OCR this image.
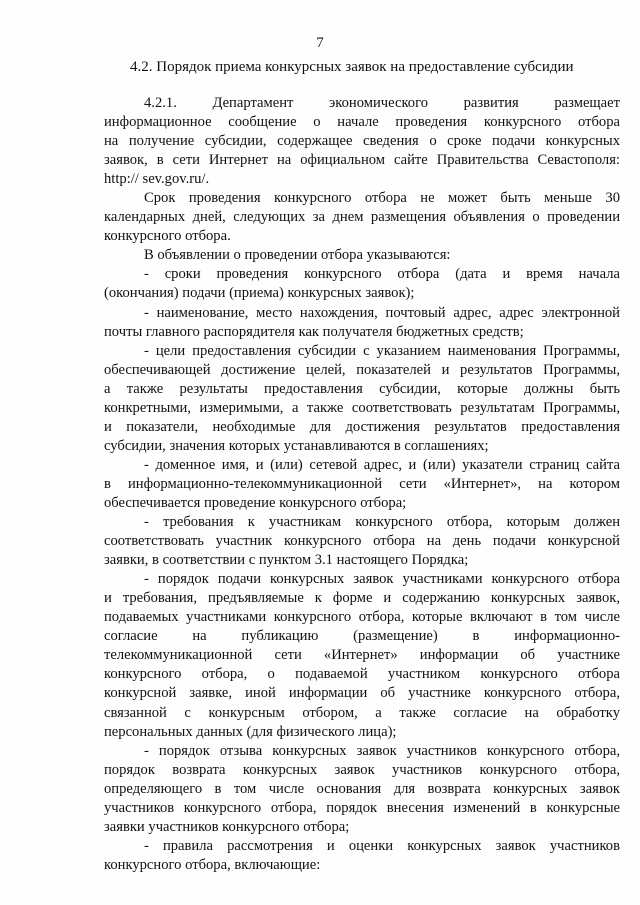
7
4.2. Порядок приема конкурсных заявок на предоставление субсидии
4.2.1. Департамент экономического развития размещает
информационное сообщение о начале проведения конкурсного отбора
на получение субсидии, содержащее сведения о сроке подачи конкурсных
заявок, в сети Интернет на официальном сайте Правительства Севастополя:
http:// sev.gov.ru/.
Срок проведения конкурсного отбора не может быть меньше 30
календарных дней, следующих за днем размещения объявления о проведении
конкурсного отбора.
В объявлении о проведении отбора указываются:
- сроки проведения конкурсного отбора (дата и время начала
(окончания) подачи (приема) конкурсных заявок);
- наименование, место нахождения, почтовый адрес, адрес электронной
почты главного распорядителя как получателя бюджетных средств;
- цели предоставления субсидии с указанием наименования Программы,
обеспечивающей достижение целей, показателей и результатов Программы,
а также результаты предоставления субсидии, которые должны быть
конкретными, измеримыми, а также соответствовать результатам Программы,
и показатели, необходимые для достижения результатов предоставления
субсидии, значения которых устанавливаются в соглашениях;
- доменное имя, и (или) сетевой адрес, и (или) указатели страниц сайта
в информационно-телекоммуникационной сети «Интернет», на котором
обеспечивается проведение конкурсного отбора;
- требования к участникам конкурсного отбора, которым должен
соответствовать участник конкурсного отбора на день подачи конкурсной
заявки, в соответствии с пунктом 3.1 настоящего Порядка;
- порядок подачи конкурсных заявок участниками конкурсного отбора
и требования, предъявляемые к форме и содержанию конкурсных заявок,
подаваемых участниками конкурсного отбора, которые включают в том числе
согласие на публикацию (размещение) в информационно-
телекоммуникационной сети «Интернет» информации об участнике
конкурсного отбора, о подаваемой участником конкурсного отбора
конкурсной заявке, иной информации об участнике конкурсного отбора,
связанной с конкурсным отбором, а также согласие на обработку
персональных данных (для физического лица);
- порядок отзыва конкурсных заявок участников конкурсного отбора,
порядок возврата конкурсных заявок участников конкурсного отбора,
определяющего в том числе основания для возврата конкурсных заявок
участников конкурсного отбора, порядок внесения изменений в конкурсные
заявки участников конкурсного отбора;
- правила рассмотрения и оценки конкурсных заявок участников
конкурсного отбора, включающие:
